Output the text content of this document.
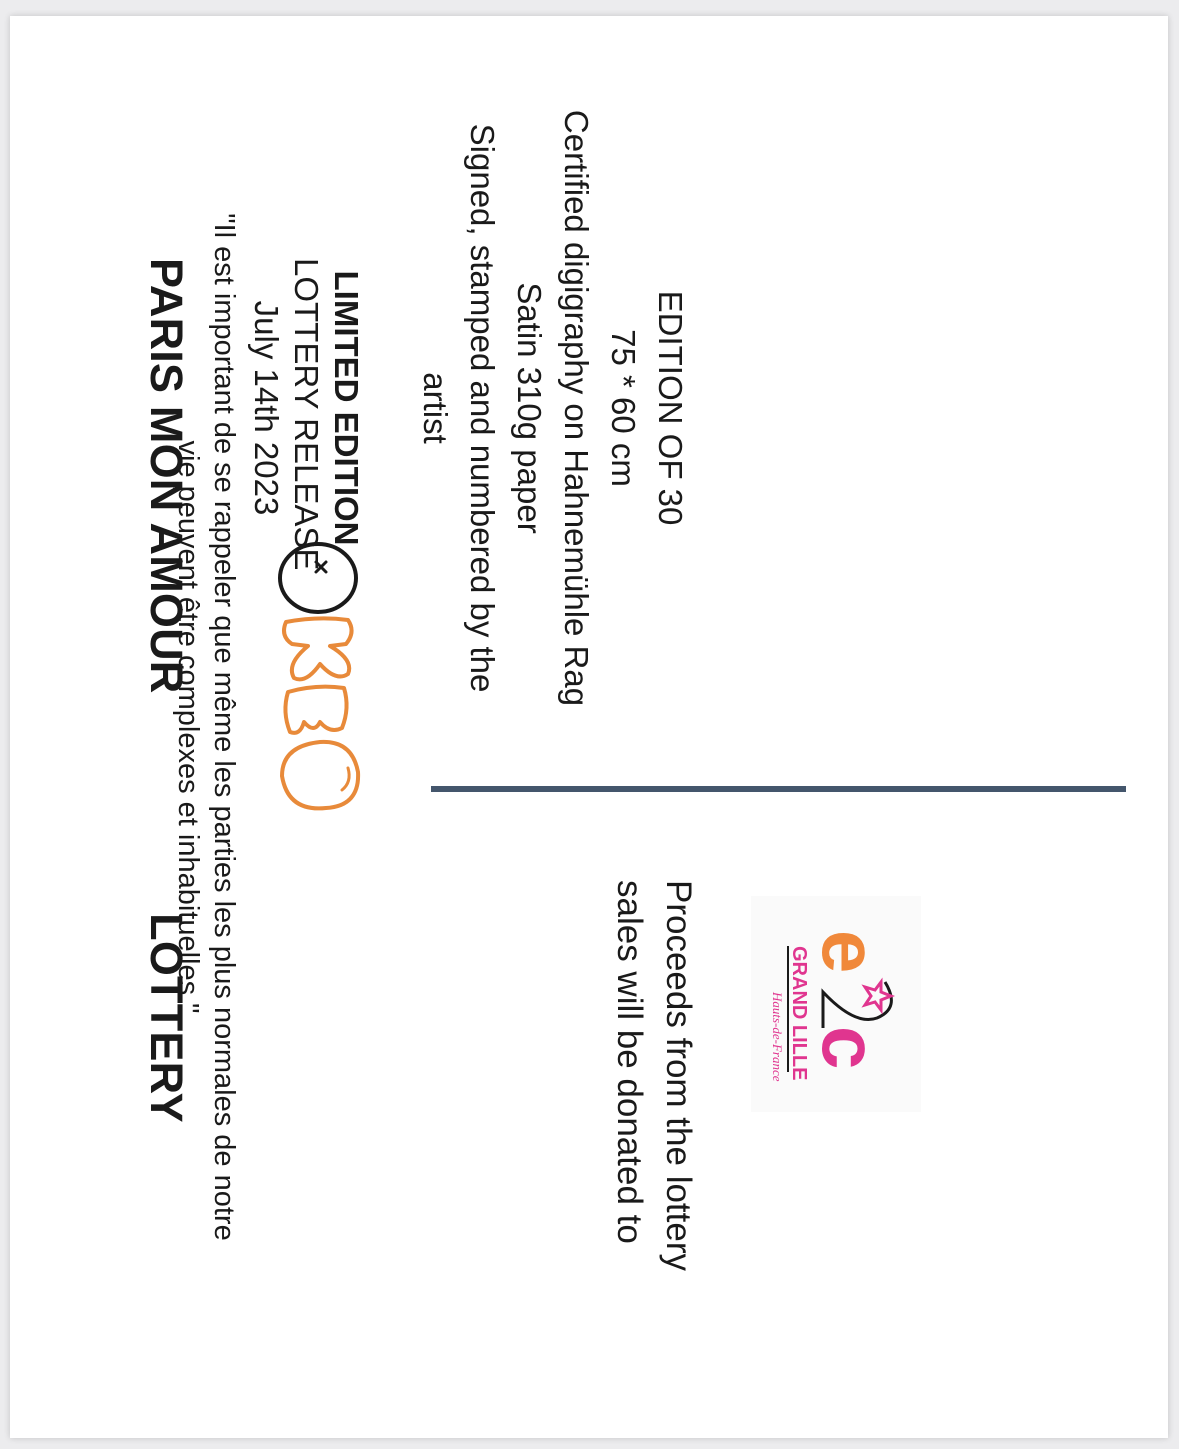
PARIS MON AMOUR	LIMITED EDITION
LOTTERY RELEASE
July 14th 2023	EDITION OF 30
75 * 60 cm
Certified digigraphy on Hahnemühle Rag
Satin 310g paper
Signed, stamped and numbered by the
artist
LOTTERY	Proceeds from the lottery
sales will be donated to e
c
GRAND LILLE
Hauts-de-France
"Il est important de se rappeler que même les parties les plus normales de notre
vie peuvent être complexes et inhabituelles."
